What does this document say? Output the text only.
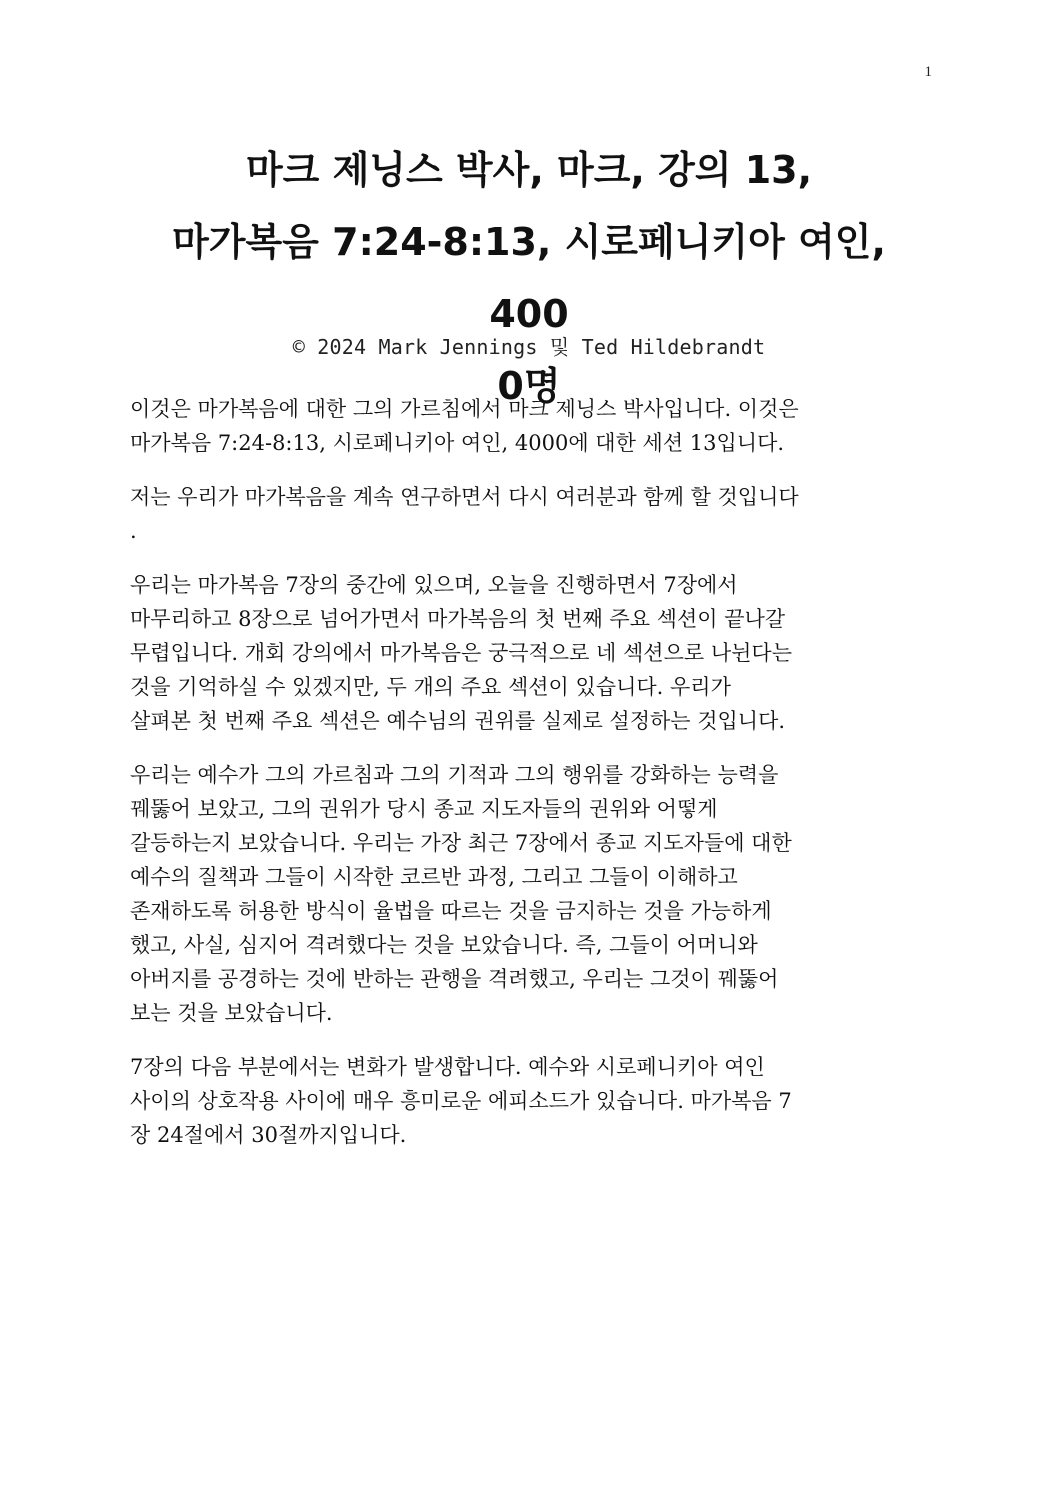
1
마크 제닝스 박사, 마크, 강의 13,
마가복음 7:24-8:13, 시로페니키아 여인, 400
0명
© 2024 Mark Jennings 및 Ted Hildebrandt

이것은 마가복음에 대한 그의 가르침에서 마크 제닝스 박사입니다. 이것은
마가복음 7:24-8:13, 시로페니키아 여인, 4000에 대한 세션 13입니다.

저는 우리가 마가복음을 계속 연구하면서 다시 여러분과 함께 할 것입니다
.

우리는 마가복음 7장의 중간에 있으며, 오늘을 진행하면서 7장에서
마무리하고 8장으로 넘어가면서 마가복음의 첫 번째 주요 섹션이 끝나갈
무렵입니다. 개회 강의에서 마가복음은 궁극적으로 네 섹션으로 나뉜다는
것을 기억하실 수 있겠지만, 두 개의 주요 섹션이 있습니다. 우리가
살펴본 첫 번째 주요 섹션은 예수님의 권위를 실제로 설정하는 것입니다.

우리는 예수가 그의 가르침과 그의 기적과 그의 행위를 강화하는 능력을
꿰뚫어 보았고, 그의 권위가 당시 종교 지도자들의 권위와 어떻게
갈등하는지 보았습니다. 우리는 가장 최근 7장에서 종교 지도자들에 대한
예수의 질책과 그들이 시작한 코르반 과정, 그리고 그들이 이해하고
존재하도록 허용한 방식이 율법을 따르는 것을 금지하는 것을 가능하게
했고, 사실, 심지어 격려했다는 것을 보았습니다. 즉, 그들이 어머니와
아버지를 공경하는 것에 반하는 관행을 격려했고, 우리는 그것이 꿰뚫어
보는 것을 보았습니다.

7장의 다음 부분에서는 변화가 발생합니다. 예수와 시로페니키아 여인
사이의 상호작용 사이에 매우 흥미로운 에피소드가 있습니다. 마가복음 7
장 24절에서 30절까지입니다.
